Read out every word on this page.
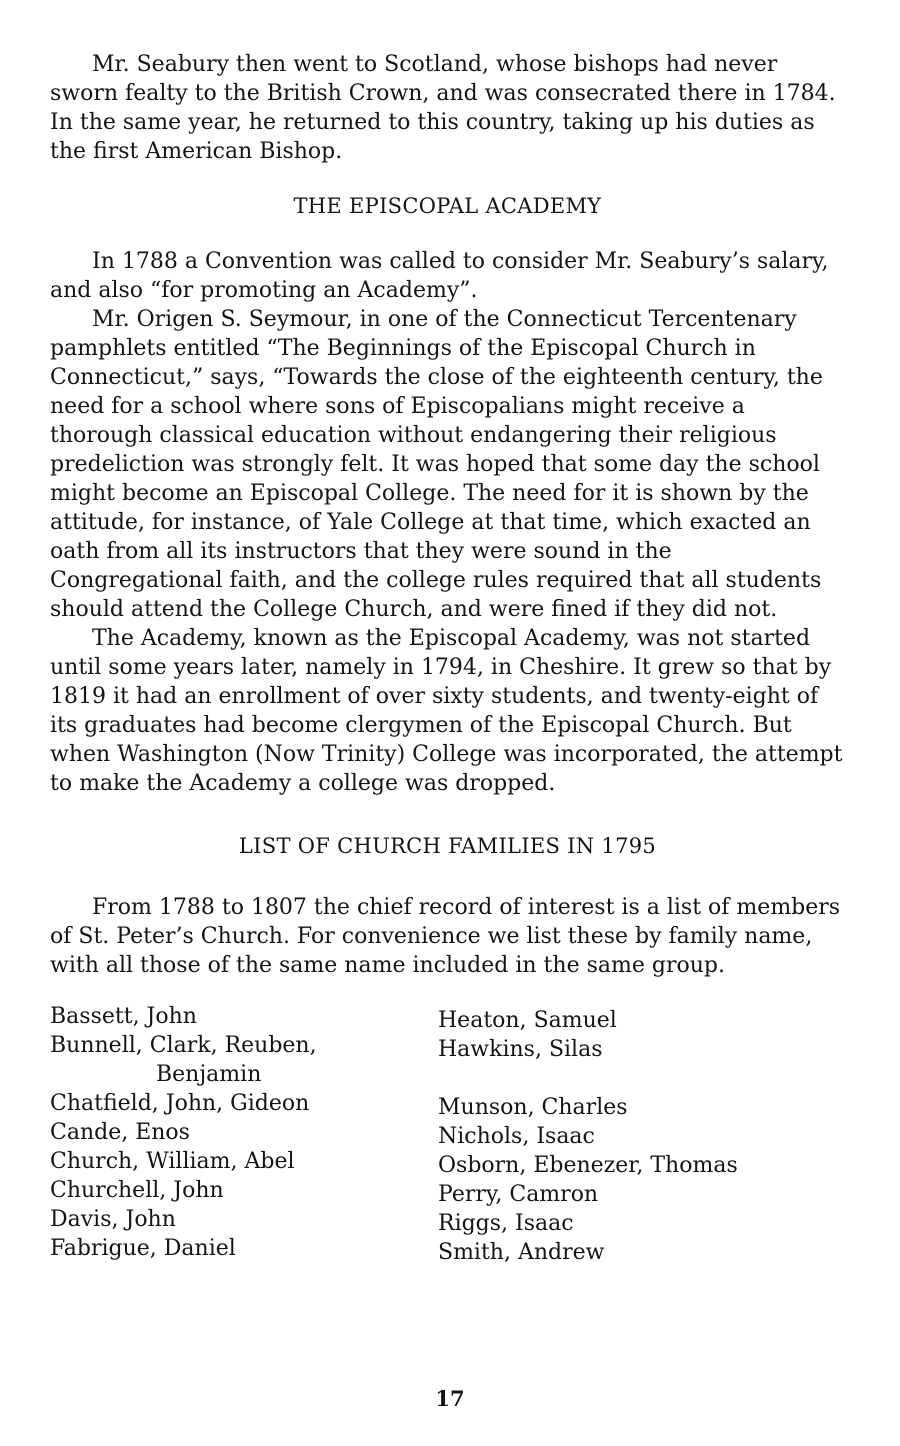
Mr. Seabury then went to Scotland, whose bishops had never sworn fealty to the British Crown, and was consecrated there in 1784. In the same year, he returned to this country, taking up his duties as the first American Bishop.

THE EPISCOPAL ACADEMY

In 1788 a Convention was called to consider Mr. Seabury’s salary, and also “for promoting an Academy”.

Mr. Origen S. Seymour, in one of the Connecticut Tercentenary pamphlets entitled “The Beginnings of the Episcopal Church in Connecticut,” says, “Towards the close of the eighteenth century, the need for a school where sons of Episcopalians might receive a thorough classical education without endangering their religious predeliction was strongly felt. It was hoped that some day the school might become an Episcopal College. The need for it is shown by the attitude, for instance, of Yale College at that time, which exacted an oath from all its instructors that they were sound in the Congregational faith, and the college rules required that all students should attend the College Church, and were fined if they did not.

The Academy, known as the Episcopal Academy, was not started until some years later, namely in 1794, in Cheshire. It grew so that by 1819 it had an enrollment of over sixty students, and twenty-eight of its graduates had become clergymen of the Episcopal Church. But when Washington (Now Trinity) College was incorporated, the attempt to make the Academy a college was dropped.

LIST OF CHURCH FAMILIES IN 1795

From 1788 to 1807 the chief record of interest is a list of members of St. Peter’s Church. For convenience we list these by family name, with all those of the same name included in the same group.

Bassett, John

Bunnell, Clark, Reuben,

Benjamin

Chatfield, John, Gideon

Cande, Enos

Church, William, Abel

Churchell, John

Davis, John

Fabrigue, Daniel

Heaton, Samuel

Hawkins, Silas

Munson, Charles

Nichols, Isaac

Osborn, Ebenezer, Thomas

Perry, Camron

Riggs, Isaac

Smith, Andrew

17
